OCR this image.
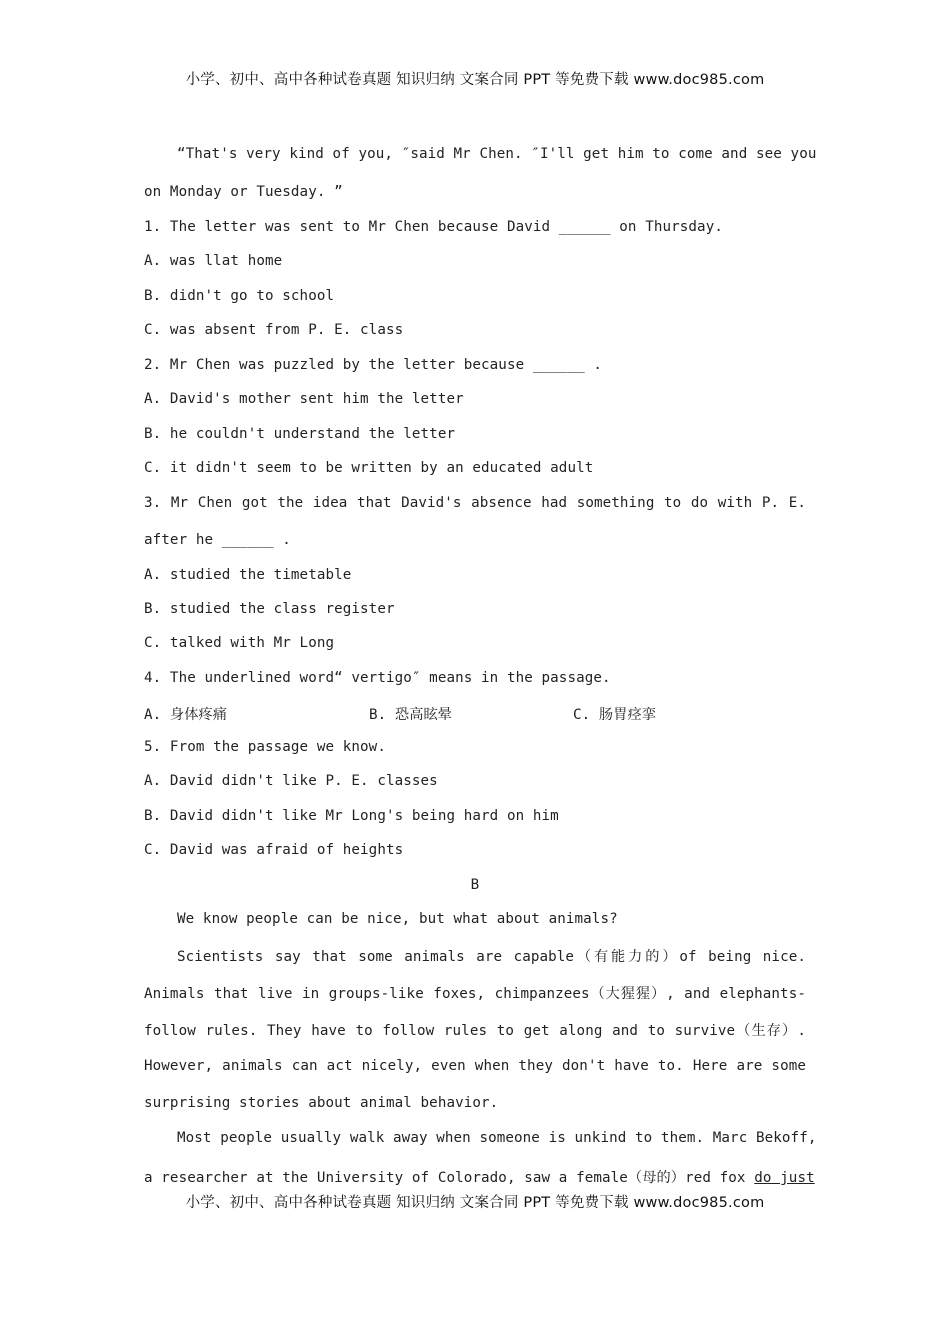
小学、初中、高中各种试卷真题 知识归纳 文案合同 PPT 等免费下载 www.doc985.com
“That's very kind of you, ″said Mr Chen. ″I'll get him to come and see you
on Monday or Tuesday. ”
1. The letter was sent to Mr Chen because David ______ on Thursday.
A. was llat home
B. didn't go to school
C. was absent from P. E. class
2. Mr Chen was puzzled by the letter because ______ .
A. David's mother sent him the letter
B. he couldn't understand the letter
C. it didn't seem to be written by an educated adult
3. Mr Chen got the idea that David's absence had something to do with P. E.
after he ______ .
A. studied the timetable
B. studied the class register
C. talked with Mr Long
4. The underlined word“ vertigo″ means in the passage.
A. 身体疼痛	B. 恐高眩晕	C. 肠胃痉挛
5. From the passage we know.
A. David didn't like P. E. classes
B. David didn't like Mr Long's being hard on him
C. David was afraid of heights
B
We know people can be nice, but what about animals?
Scientists say that some animals are capable（有能力的）of being nice.
Animals that live in groups-like foxes, chimpanzees（大猩猩）, and elephants-
follow rules. They have to follow rules to get along and to survive（生存）.
However, animals can act nicely, even when they don't have to. Here are some
surprising stories about animal behavior.
Most people usually walk away when someone is unkind to them. Marc Bekoff,
a researcher at the University of Colorado, saw a female（母的）red fox do just
小学、初中、高中各种试卷真题 知识归纳 文案合同 PPT 等免费下载 www.doc985.com
